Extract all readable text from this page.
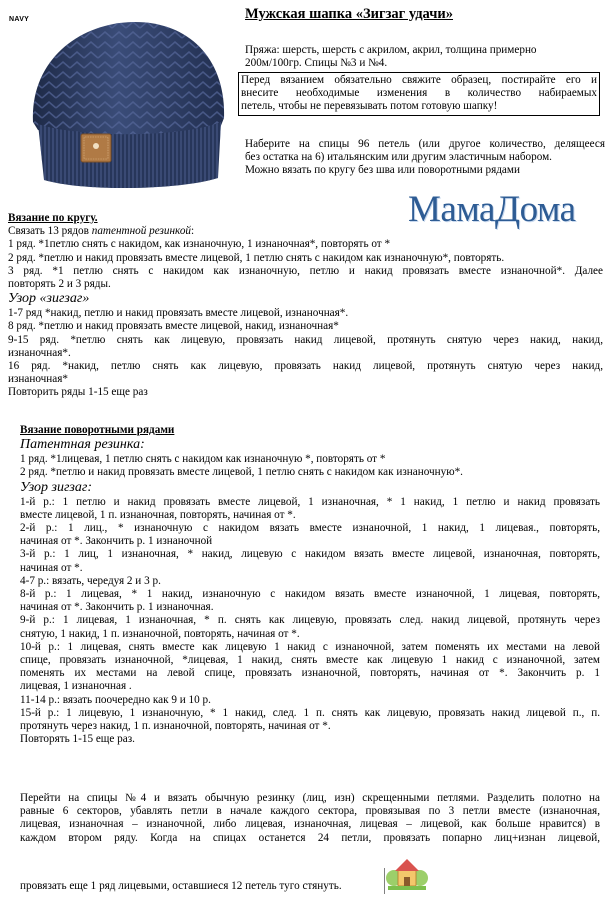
NAVY	Мужская шапка «Зигзаг удачи»
Пряжа: шерсть, шерсть с акрилом, акрил, толщина примерно
200м/100гр. Спицы №3 и №4.
Перед вязанием обязательно свяжите образец, постирайте его и
внесите необходимые изменения в количество набираемых
петель, чтобы не перевязывать потом готовую шапку!
Наберите на спицы 96 петель (или другое количество, делящееся
без остатка на 6) итальянским или другим эластичным набором.
Можно вязать по кругу без шва или поворотными рядами
МамаДома
Вязание по кругу.
Связать 13 рядов патентной резинкой:
1 ряд. *1петлю снять с накидом, как изнаночную, 1 изнаночная*, повторять от *
2 ряд. *петлю и накид провязать вместе лицевой, 1 петлю снять с накидом как изнаночную*, повторять.
3 ряд. *1 петлю снять с накидом как изнаночную, петлю и накид провязать вместе изнаночной*. Далее
повторять 2 и 3 ряды.
Узор «зигзаг»
1-7 ряд *накид, петлю и накид провязать вместе лицевой, изнаночная*.
8 ряд. *петлю и накид провязать вместе лицевой, накид, изнаночная*
9-15 ряд. *петлю снять как лицевую, провязать накид лицевой, протянуть снятую через накид, накид,
изнаночная*.
16 ряд. *накид, петлю снять как лицевую, провязать накид лицевой, протянуть снятую через накид,
изнаночная*
Повторить ряды 1-15 еще раз
Вязание поворотными рядами
Патентная резинка:
1 ряд. *1лицевая, 1 петлю снять с накидом как изнаночную *, повторять от *
2 ряд. *петлю и накид провязать вместе лицевой, 1 петлю снять с накидом как изнаночную*.
Узор зигзаг:
1-й р.: 1 петлю и накид провязать вместе лицевой, 1 изнаночная, * 1 накид, 1 петлю и накид провязать
вместе лицевой, 1 п. изнаночная, повторять, начиная от *.
2-й р.: 1 лиц., * изнаночную с накидом вязать вместе изнаночной, 1 накид, 1 лицевая., повторять,
начиная от *. Закончить р. 1 изнаночной
3-й р.: 1 лиц, 1 изнаночная, * накид, лицевую с накидом вязать вместе лицевой, изнаночная, повторять,
начиная от *.
4-7 р.: вязать, чередуя 2 и 3 р.
8-й р.: 1 лицевая, * 1 накид, изнаночную с накидом вязать вместе изнаночной, 1 лицевая, повторять,
начиная от *. Закончить р. 1 изнаночная.
9-й р.: 1 лицевая, 1 изнаночная, * п. снять как лицевую, провязать след. накид лицевой, протянуть через
снятую, 1 накид, 1 п. изнаночной, повторять, начиная от *.
10-й р.: 1 лицевая, снять вместе как лицевую 1 накид с изнаночной, затем поменять их местами на левой
спице, провязать изнаночной, *лицевая, 1 накид, снять вместе как лицевую 1 накид с изнаночной, затем
поменять их местами на левой спице, провязать изнаночной, повторять, начиная от *. Закончить р. 1
лицевая, 1 изнаночная .
11-14 р.: вязать поочередно как 9 и 10 р.
15-й р.: 1 лицевую, 1 изнаночную, * 1 накид, след. 1 п. снять как лицевую, провязать накид лицевой п., п.
протянуть через накид, 1 п. изнаночной, повторять, начиная от *.
Повторять 1-15 еще раз.
Перейти на спицы №4 и вязать обычную резинку (лиц, изн) скрещенными петлями. Разделить полотно на
равные 6 секторов, убавлять петли в начале каждого сектора, провязывая по 3 петли вместе (изнаночная,
лицевая, изнаночная – изнаночной, либо лицевая, изнаночная, лицевая – лицевой, как больше нравится) в
каждом втором ряду. Когда на спицах останется 24 петли, провязать попарно лиц+изнан лицевой,
провязать еще 1 ряд лицевыми, оставшиеся 12 петель туго стянуть.
